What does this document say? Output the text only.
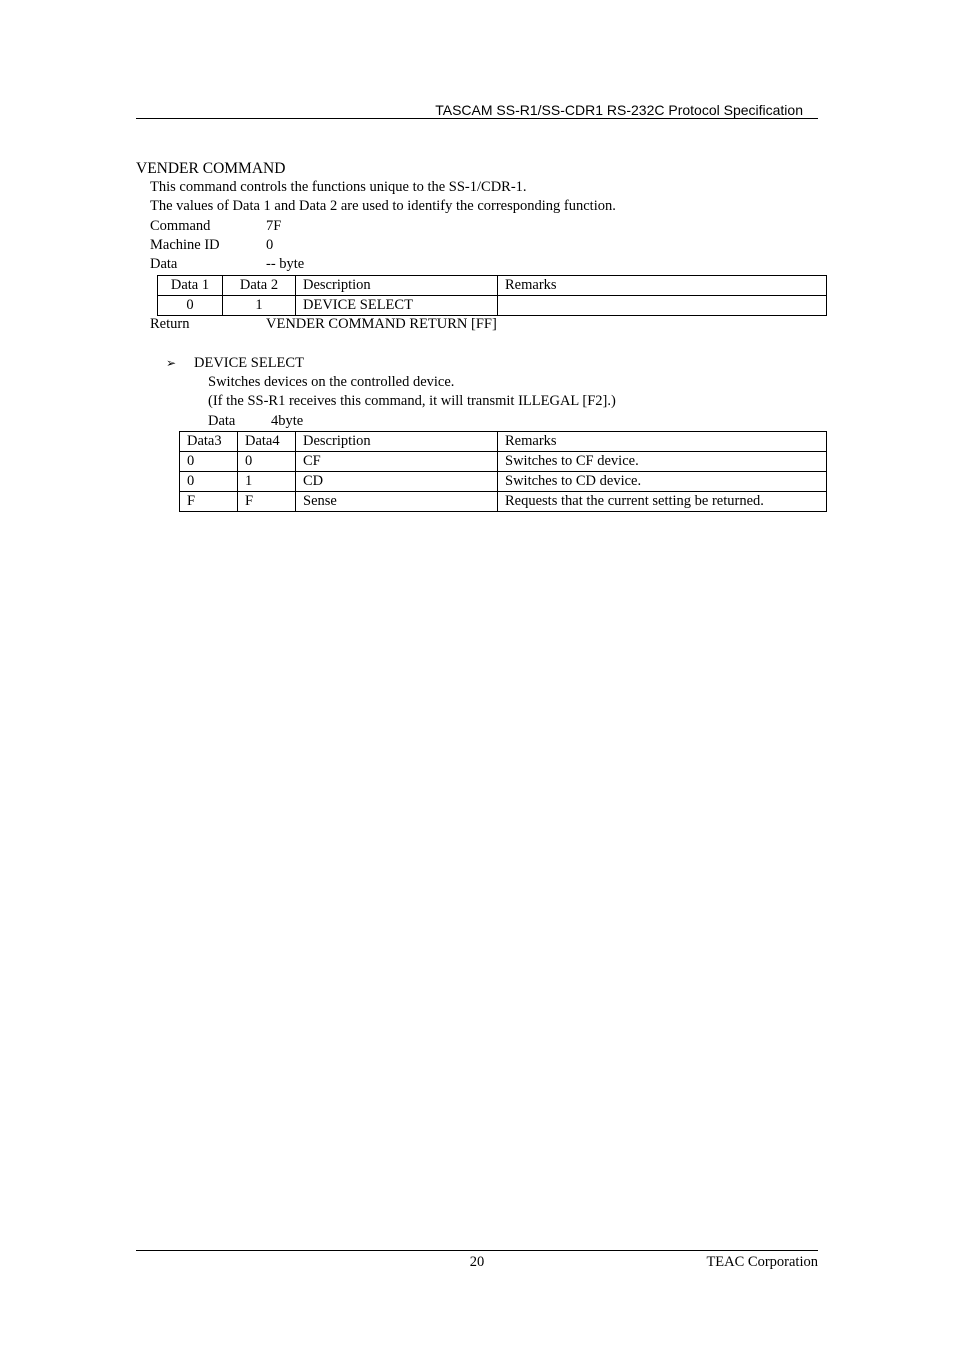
TASCAM SS-R1/SS-CDR1 RS-232C Protocol Specification
VENDER COMMAND
This command controls the functions unique to the SS-1/CDR-1.
The values of Data 1 and Data 2 are used to identify the corresponding function.
Command	7F
Machine ID	0
Data	-- byte
Data 1	Data 2	Description	Remarks
0	1	DEVICE SELECT	
Return	VENDER COMMAND RETURN [FF]
➢ DEVICE SELECT
Switches devices on the controlled device.
(If the SS-R1 receives this command, it will transmit ILLEGAL [F2].)
Data 4byte
Data3	Data4	Description	Remarks
0	0	CF	Switches to CF device.
0	1	CD	Switches to CD device.
F	F	Sense	Requests that the current setting be returned.
20	TEAC Corporation
